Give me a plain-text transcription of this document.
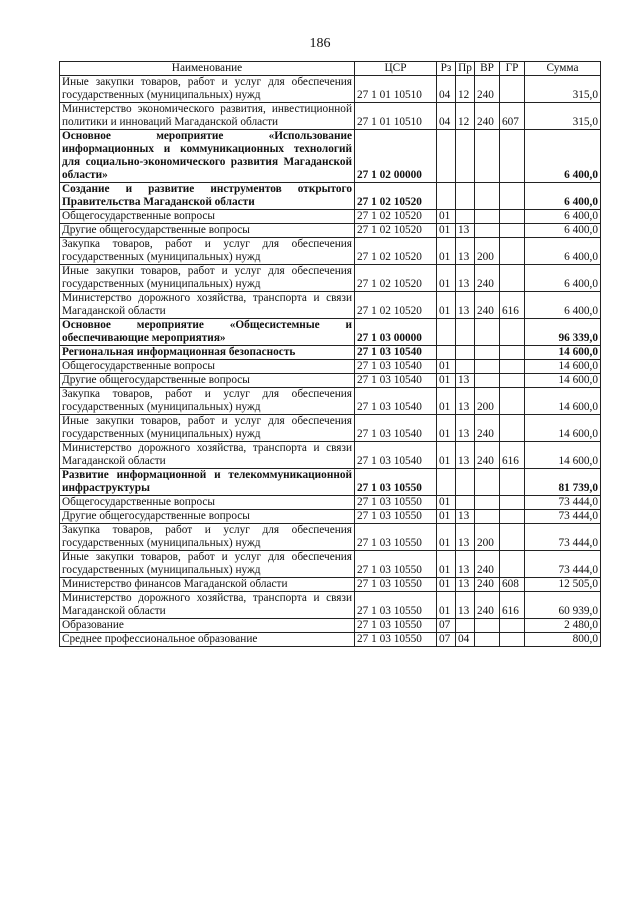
186
Наименование	ЦСР	Рз	Пр	ВР	ГР	Сумма
Иные закупки товаров, работ и услуг для обеспечения государственных (муниципальных) нужд	27 1 01 10510	04	12	240		315,0
Министерство экономического развития, инвестиционной политики и инноваций Магаданской области	27 1 01 10510	04	12	240	607	315,0
Основное мероприятие «Использование информационных и коммуникационных технологий для социально-экономического развития Магаданской области»	27 1 02 00000					6 400,0
Создание и развитие инструментов открытого Правительства Магаданской области	27 1 02 10520					6 400,0
Общегосударственные вопросы	27 1 02 10520	01				6 400,0
Другие общегосударственные вопросы	27 1 02 10520	01	13			6 400,0
Закупка товаров, работ и услуг для обеспечения государственных (муниципальных) нужд	27 1 02 10520	01	13	200		6 400,0
Иные закупки товаров, работ и услуг для обеспечения государственных (муниципальных) нужд	27 1 02 10520	01	13	240		6 400,0
Министерство дорожного хозяйства, транспорта и связи Магаданской области	27 1 02 10520	01	13	240	616	6 400,0
Основное мероприятие «Общесистемные и обеспечивающие мероприятия»	27 1 03 00000					96 339,0
Региональная информационная безопасность	27 1 03 10540					14 600,0
Общегосударственные вопросы	27 1 03 10540	01				14 600,0
Другие общегосударственные вопросы	27 1 03 10540	01	13			14 600,0
Закупка товаров, работ и услуг для обеспечения государственных (муниципальных) нужд	27 1 03 10540	01	13	200		14 600,0
Иные закупки товаров, работ и услуг для обеспечения государственных (муниципальных) нужд	27 1 03 10540	01	13	240		14 600,0
Министерство дорожного хозяйства, транспорта и связи Магаданской области	27 1 03 10540	01	13	240	616	14 600,0
Развитие информационной и телекоммуникационной инфраструктуры	27 1 03 10550					81 739,0
Общегосударственные вопросы	27 1 03 10550	01				73 444,0
Другие общегосударственные вопросы	27 1 03 10550	01	13			73 444,0
Закупка товаров, работ и услуг для обеспечения государственных (муниципальных) нужд	27 1 03 10550	01	13	200		73 444,0
Иные закупки товаров, работ и услуг для обеспечения государственных (муниципальных) нужд	27 1 03 10550	01	13	240		73 444,0
Министерство финансов Магаданской области	27 1 03 10550	01	13	240	608	12 505,0
Министерство дорожного хозяйства, транспорта и связи Магаданской области	27 1 03 10550	01	13	240	616	60 939,0
Образование	27 1 03 10550	07				2 480,0
Среднее профессиональное образование	27 1 03 10550	07	04			800,0
